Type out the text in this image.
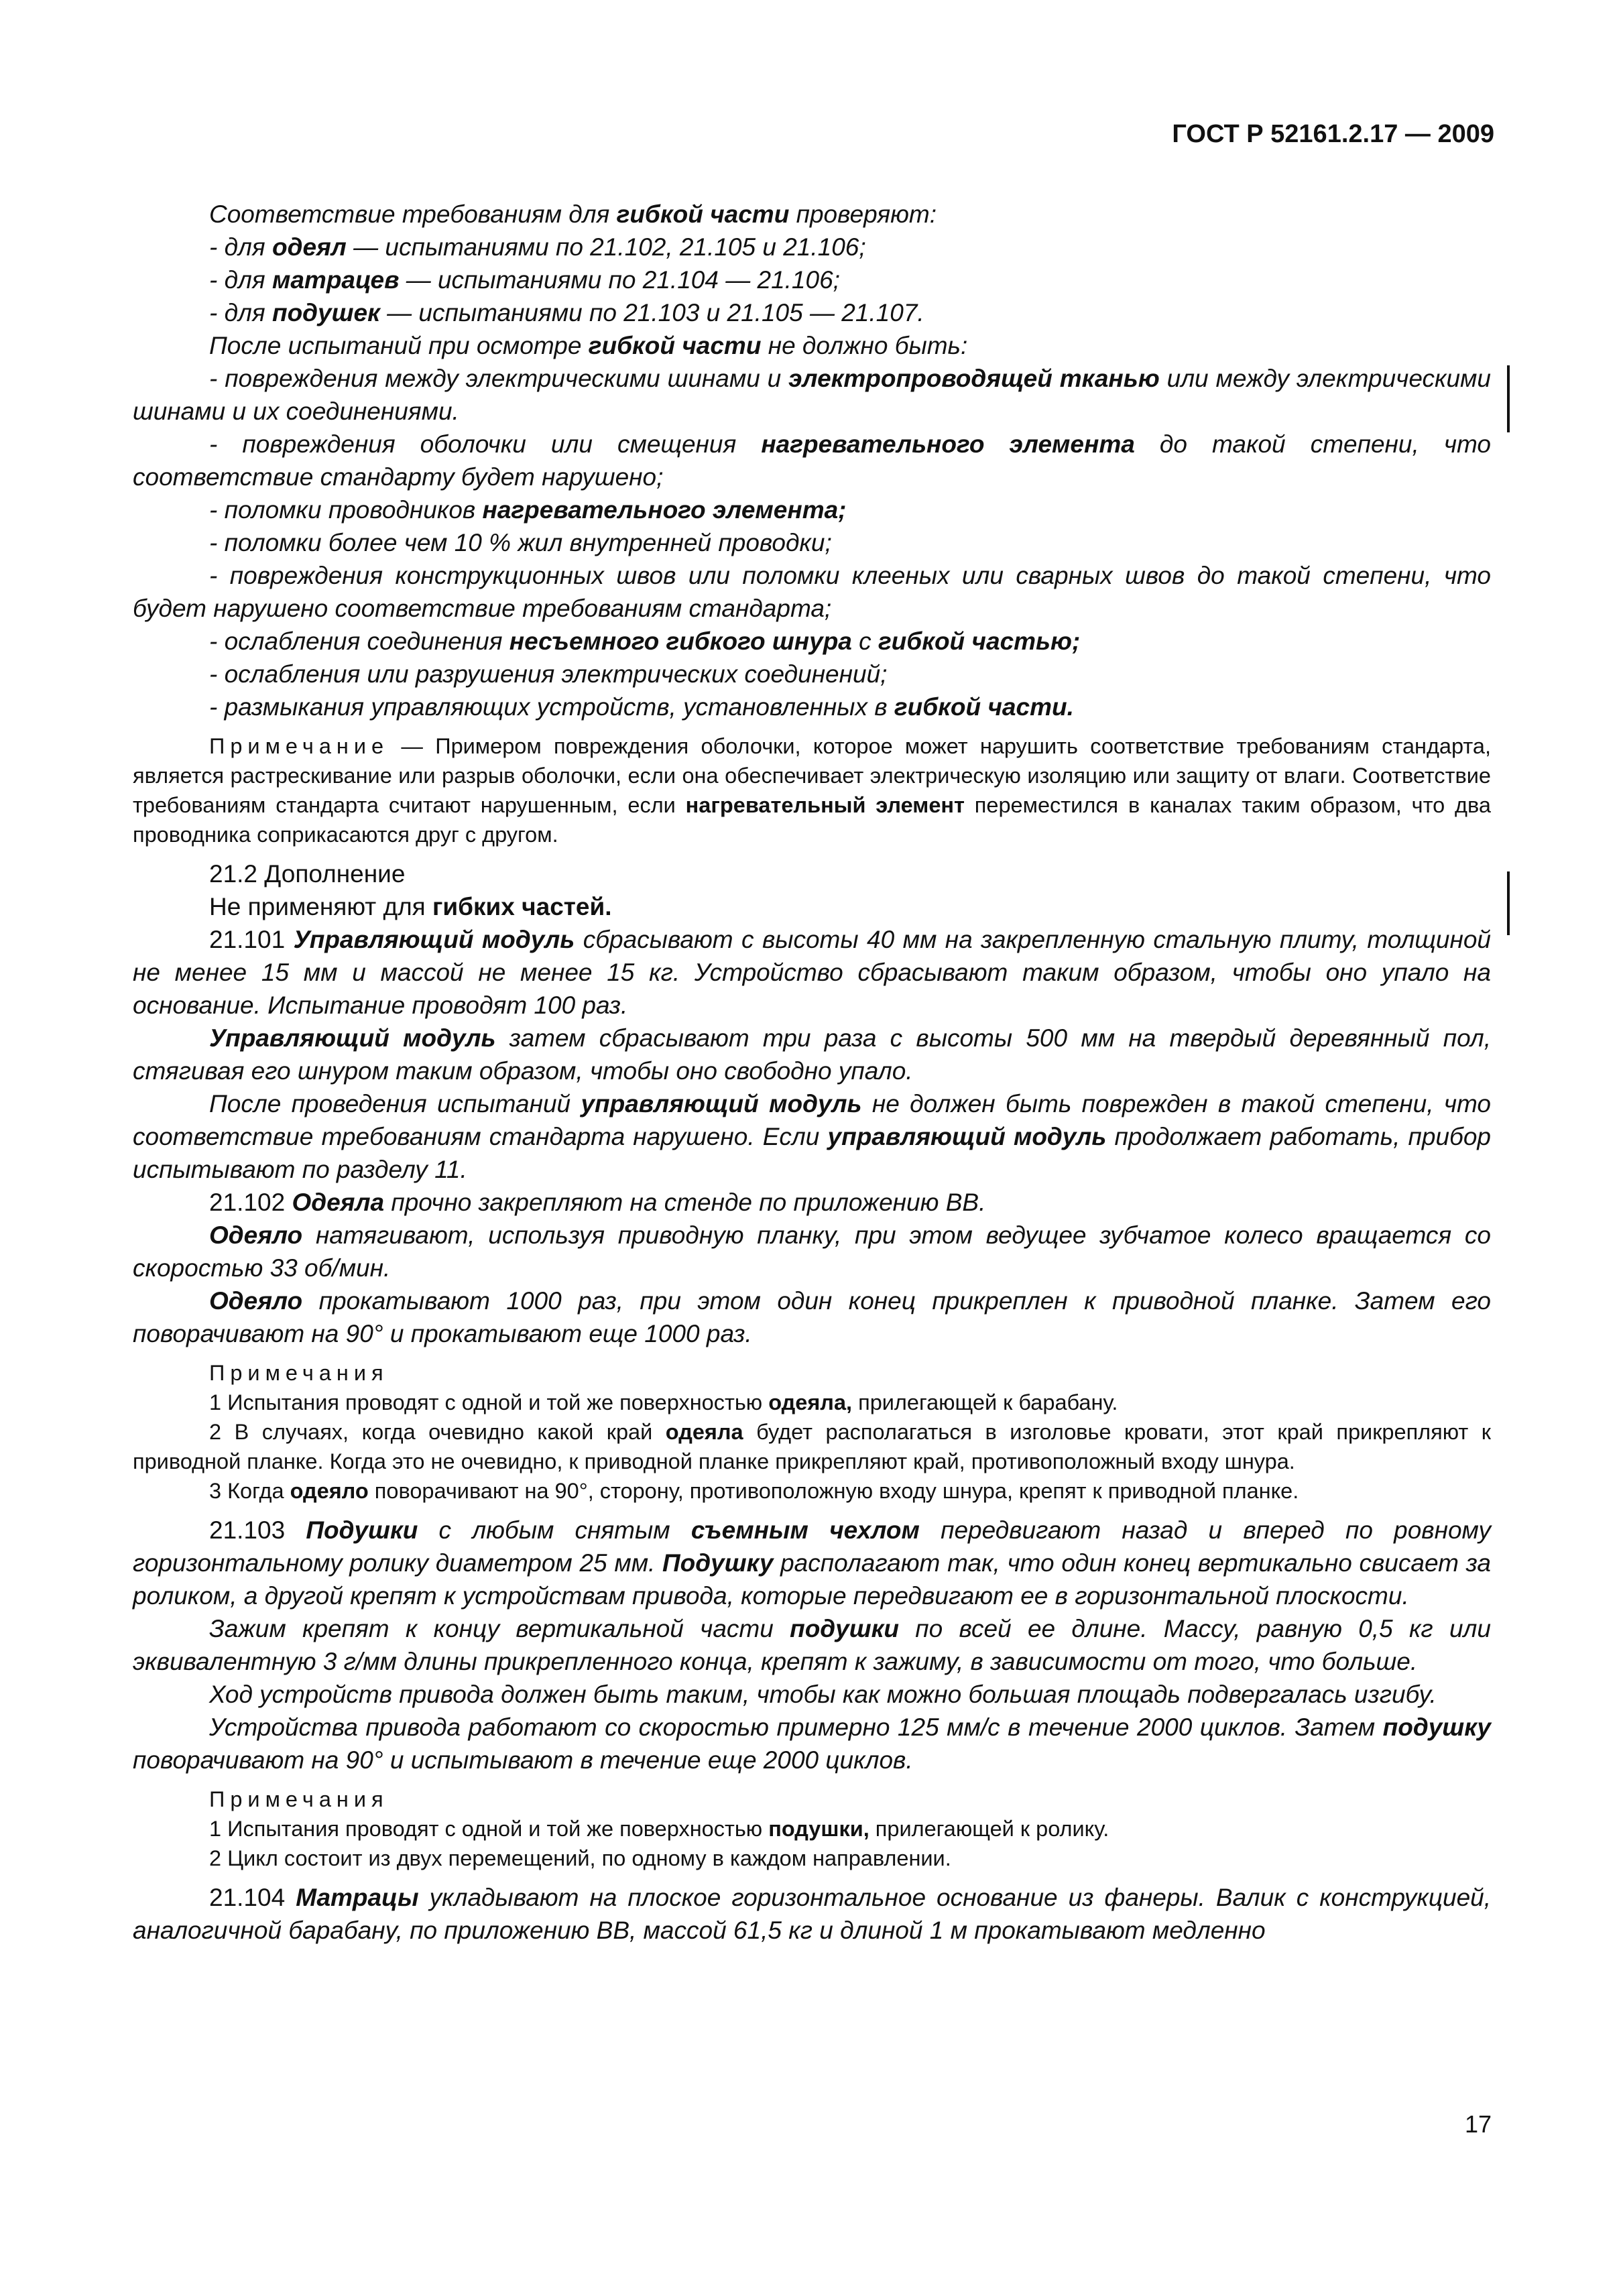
ГОСТ Р 52161.2.17 — 2009

Соответствие требованиям для гибкой части проверяют:

- для одеял — испытаниями по 21.102, 21.105 и 21.106;

- для матрацев — испытаниями по 21.104 — 21.106;

- для подушек — испытаниями по 21.103 и 21.105 — 21.107.

После испытаний при осмотре гибкой части не должно быть:

- повреждения между электрическими шинами и электропроводящей тканью или между электрическими шинами и их соединениями.

- повреждения оболочки или смещения нагревательного элемента до такой степени, что соответствие стандарту будет нарушено;

- поломки проводников нагревательного элемента;

- поломки более чем 10 % жил внутренней проводки;

- повреждения конструкционных швов или поломки клееных или сварных швов до такой степени, что будет нарушено соответствие требованиям стандарта;

- ослабления соединения несъемного гибкого шнура с гибкой частью;

- ослабления или разрушения электрических соединений;

- размыкания управляющих устройств, установленных в гибкой части.

Примечание — Примером повреждения оболочки, которое может нарушить соответствие требованиям стандарта, является растрескивание или разрыв оболочки, если она обеспечивает электрическую изоляцию или защиту от влаги. Соответствие требованиям стандарта считают нарушенным, если нагревательный элемент переместился в каналах таким образом, что два проводника соприкасаются друг с другом.

21.2 Дополнение

Не применяют для гибких частей.

21.101 Управляющий модуль сбрасывают с высоты 40 мм на закрепленную стальную плиту, толщиной не менее 15 мм и массой не менее 15 кг. Устройство сбрасывают таким образом, чтобы оно упало на основание. Испытание проводят 100 раз.

Управляющий модуль затем сбрасывают три раза с высоты 500 мм на твердый деревянный пол, стягивая его шнуром таким образом, чтобы оно свободно упало.

После проведения испытаний управляющий модуль не должен быть поврежден в такой степени, что соответствие требованиям стандарта нарушено. Если управляющий модуль продолжает работать, прибор испытывают по разделу 11.

21.102 Одеяла прочно закрепляют на стенде по приложению ВВ.

Одеяло натягивают, используя приводную планку, при этом ведущее зубчатое колесо вращается со скоростью 33 об/мин.

Одеяло прокатывают 1000 раз, при этом один конец прикреплен к приводной планке. Затем его поворачивают на 90° и прокатывают еще 1000 раз.

Примечания

1 Испытания проводят с одной и той же поверхностью одеяла, прилегающей к барабану.

2 В случаях, когда очевидно какой край одеяла будет располагаться в изголовье кровати, этот край прикрепляют к приводной планке. Когда это не очевидно, к приводной планке прикрепляют край, противоположный входу шнура.

3 Когда одеяло поворачивают на 90°, сторону, противоположную входу шнура, крепят к приводной планке.

21.103 Подушки с любым снятым съемным чехлом передвигают назад и вперед по ровному горизонтальному ролику диаметром 25 мм. Подушку располагают так, что один конец вертикально свисает за роликом, а другой крепят к устройствам привода, которые передвигают ее в горизонтальной плоскости.

Зажим крепят к концу вертикальной части подушки по всей ее длине. Массу, равную 0,5 кг или эквивалентную 3 г/мм длины прикрепленного конца, крепят к зажиму, в зависимости от того, что больше.

Ход устройств привода должен быть таким, чтобы как можно большая площадь подвергалась изгибу.

Устройства привода работают со скоростью примерно 125 мм/с в течение 2000 циклов. Затем подушку поворачивают на 90° и испытывают в течение еще 2000 циклов.

Примечания

1 Испытания проводят с одной и той же поверхностью подушки, прилегающей к ролику.

2 Цикл состоит из двух перемещений, по одному в каждом направлении.

21.104 Матрацы укладывают на плоское горизонтальное основание из фанеры. Валик с конструкцией, аналогичной барабану, по приложению ВВ, массой 61,5 кг и длиной 1 м прокатывают медленно

17
